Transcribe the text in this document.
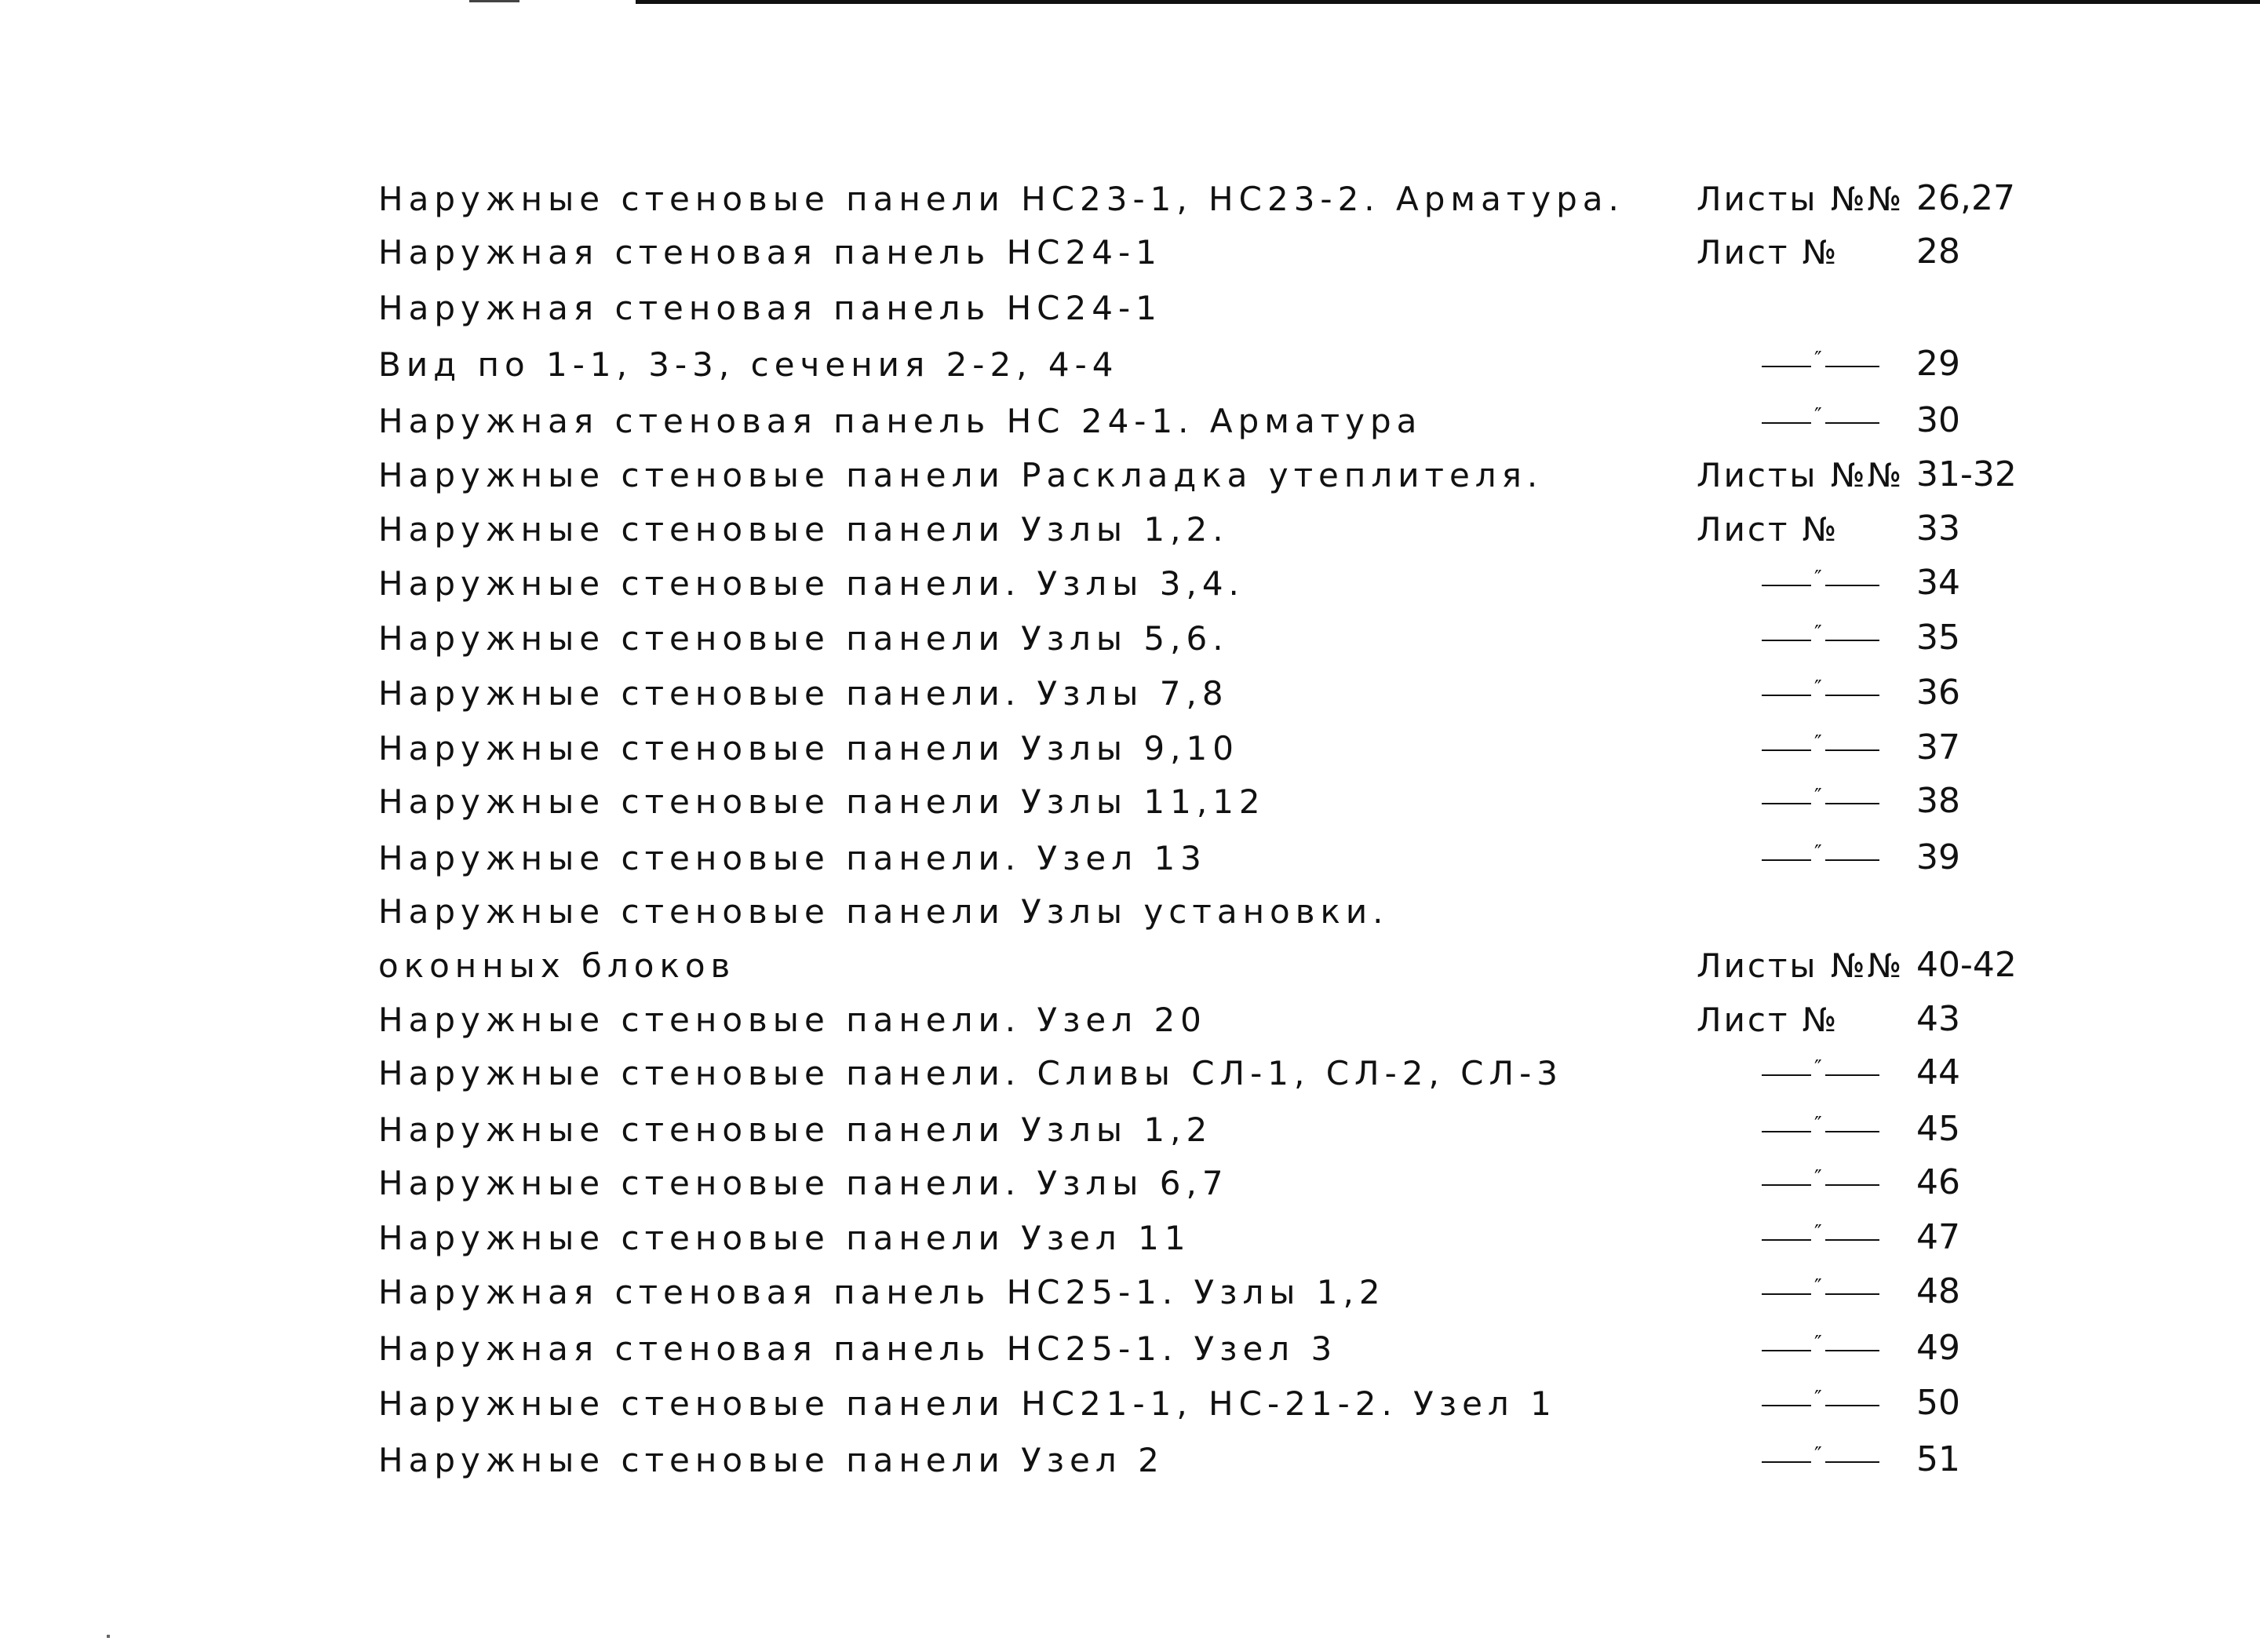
Наружные стеновые панели НС23-1, НС23-2. Арматура. Листы №№ 26,27
Наружная стеновая панель НС24-1	Лист № 28
Наружная стеновая панель НС24-1
Вид по 1-1, 3-3, сечения 2-2, 4-4	″	29
Наружная стеновая панель НС 24-1. Арматура	″	30
Наружные стеновые панели Раскладка утеплителя.	Листы №№ 31-32
Наружные стеновые панели Узлы 1,2.	Лист № 33
Наружные стеновые панели. Узлы 3,4.	″	34
Наружные стеновые панели Узлы 5,6.	″	35
Наружные стеновые панели. Узлы 7,8	″	36
Наружные стеновые панели Узлы 9,10	″	37
Наружные стеновые панели Узлы 11,12	″	38
Наружные стеновые панели. Узел 13	″	39
Наружные стеновые панели Узлы установки.
оконных блоков	Листы №№ 40-42
Наружные стеновые панели. Узел 20	Лист № 43
Наружные стеновые панели. Сливы СЛ-1, СЛ-2, СЛ-3	″	44
Наружные стеновые панели Узлы 1,2	″	45
Наружные стеновые панели. Узлы 6,7	″	46
Наружные стеновые панели Узел 11	″	47
Наружная стеновая панель НС25-1. Узлы 1,2	″	48
Наружная стеновая панель НС25-1. Узел 3	″	49
Наружные стеновые панели НС21-1, НС-21-2. Узел 1	″	50
Наружные стеновые панели Узел 2	″	51
